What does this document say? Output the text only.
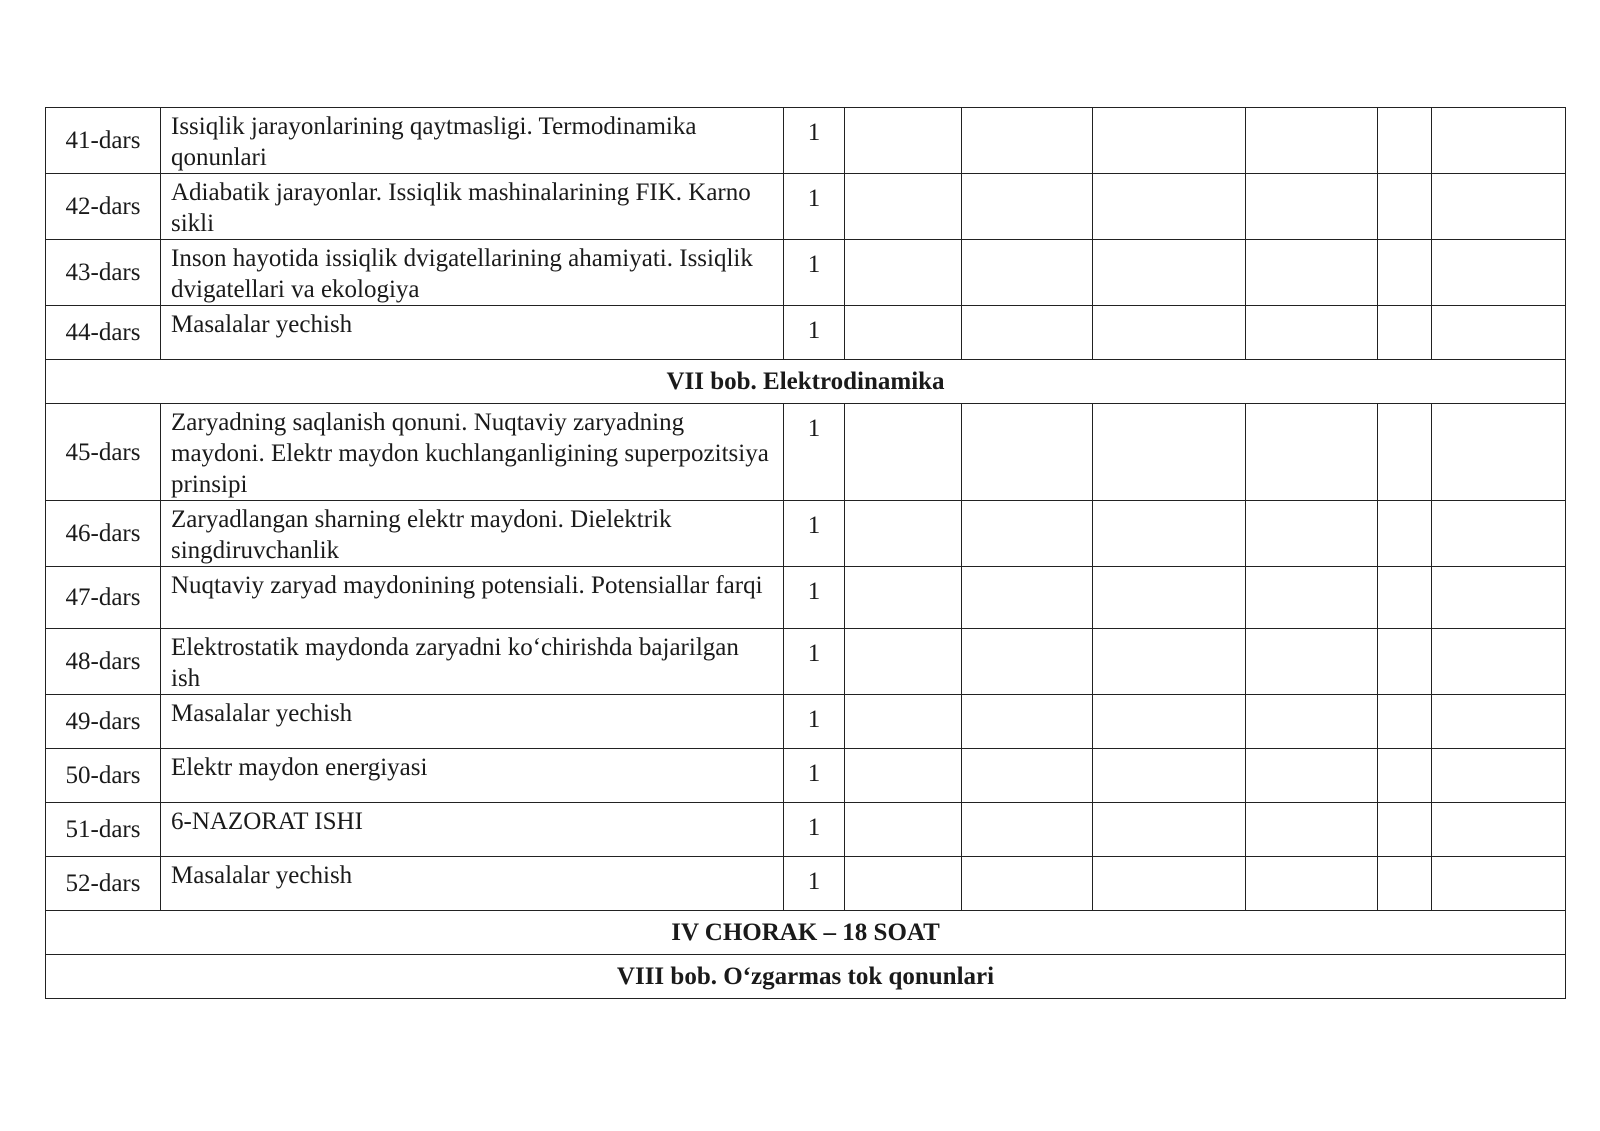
41-dars	Issiqlik jarayonlarining qaytmasligi. Termodinamika qonunlari	1						
42-dars	Adiabatik jarayonlar. Issiqlik mashinalarining FIK. Karno sikli	1						
43-dars	Inson hayotida issiqlik dvigatellarining ahamiyati. Issiqlik dvigatellari va ekologiya	1						
44-dars	Masalalar yechish	1						
VII bob. Elektrodinamika								
45-dars	Zaryadning saqlanish qonuni. Nuqtaviy zaryadning maydoni. Elektr maydon kuchlanganligining superpozitsiya prinsipi	1						
46-dars	Zaryadlangan sharning elektr maydoni. Dielektrik singdiruvchanlik	1						
47-dars	Nuqtaviy zaryad maydonining potensiali. Potensiallar farqi	1						
48-dars	Elektrostatik maydonda zaryadni ko‘chirishda bajarilgan ish	1						
49-dars	Masalalar yechish	1						
50-dars	Elektr maydon energiyasi	1						
51-dars	6-NAZORAT ISHI	1						
52-dars	Masalalar yechish	1						
IV CHORAK – 18 SOAT								
VIII bob. O‘zgarmas tok qonunlari								
